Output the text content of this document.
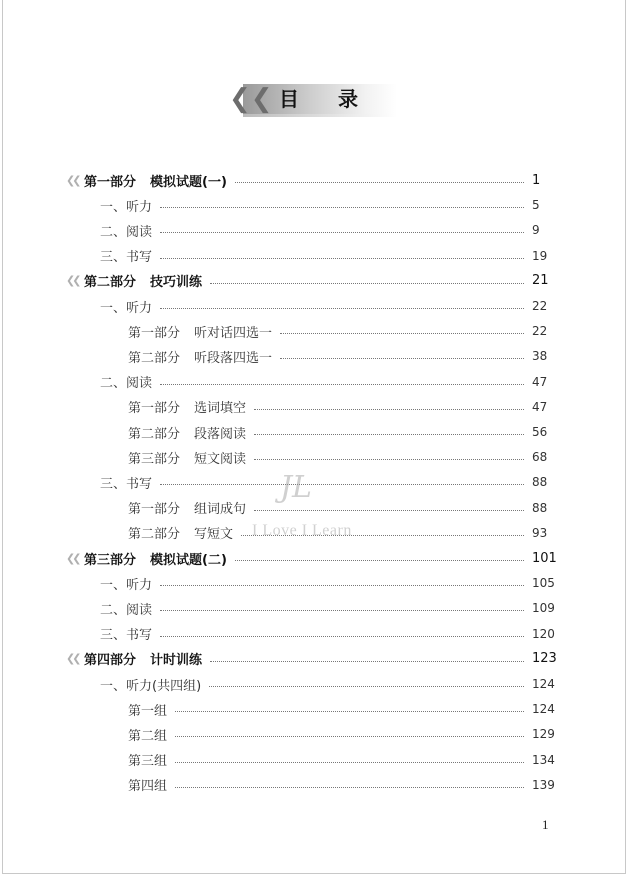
❮❮ 目 录
❮❮ 第一部分 模拟试题(一)	1
一、听力	5
二、阅读	9
三、书写	19
❮❮ 第二部分 技巧训练	21
一、听力	22
第一部分 听对话四选一	22
第二部分 听段落四选一	38
二、阅读	47
第一部分 选词填空	47
第二部分 段落阅读	56
第三部分 短文阅读	68
三、书写	88
第一部分 组词成句	88
第二部分 写短文	93
❮❮ 第三部分 模拟试题(二)	101
一、听力	105
二、阅读	109
三、书写	120
❮❮ 第四部分 计时训练	123
一、听力(共四组)	124
第一组	124
第二组	129
第三组	134
第四组	139
JL
I Love I Learn
1
